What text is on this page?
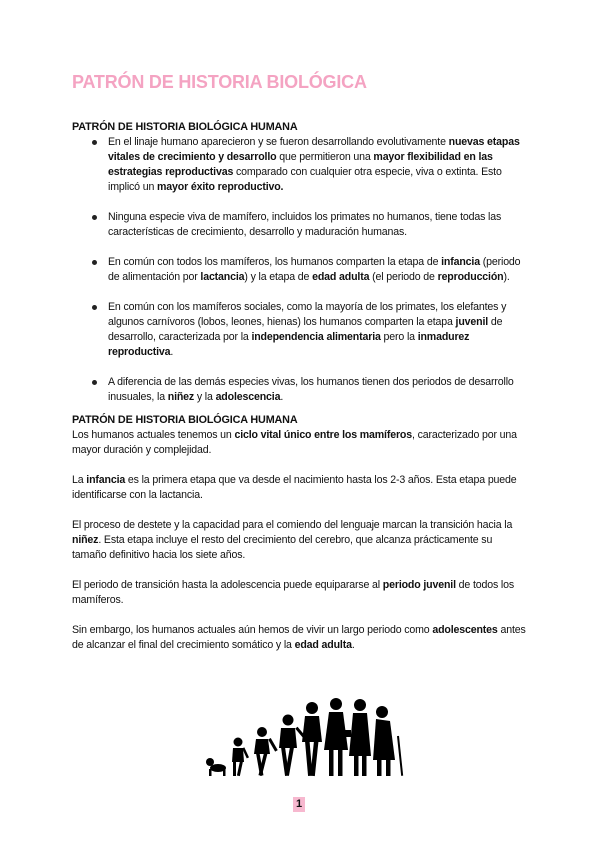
PATRÓN DE HISTORIA BIOLÓGICA

PATRÓN DE HISTORIA BIOLÓGICA HUMANA

En el linaje humano aparecieron y se fueron desarrollando evolutivamente nuevas etapas vitales de crecimiento y desarrollo que permitieron una mayor flexibilidad en las estrategias reproductivas comparado con cualquier otra especie, viva o extinta. Esto implicó un mayor éxito reproductivo.
Ninguna especie viva de mamífero, incluidos los primates no humanos, tiene todas las características de crecimiento, desarrollo y maduración humanas.
En común con todos los mamíferos, los humanos comparten la etapa de infancia (periodo de alimentación por lactancia) y la etapa de edad adulta (el periodo de reproducción).
En común con los mamíferos sociales, como la mayoría de los primates, los elefantes y algunos carnívoros (lobos, leones, hienas) los humanos comparten la etapa juvenil de desarrollo, caracterizada por la independencia alimentaria pero la inmadurez reproductiva.
A diferencia de las demás especies vivas, los humanos tienen dos periodos de desarrollo inusuales, la niñez y la adolescencia.

PATRÓN DE HISTORIA BIOLÓGICA HUMANA

Los humanos actuales tenemos un ciclo vital único entre los mamíferos, caracterizado por una mayor duración y complejidad.

La infancia es la primera etapa que va desde el nacimiento hasta los 2-3 años. Esta etapa puede identificarse con la lactancia.

El proceso de destete y la capacidad para el comiendo del lenguaje marcan la transición hacia la niñez. Esta etapa incluye el resto del crecimiento del cerebro, que alcanza prácticamente su tamaño definitivo hacia los siete años.

El periodo de transición hasta la adolescencia puede equipararse al periodo juvenil de todos los mamíferos.

Sin embargo, los humanos actuales aún hemos de vivir un largo periodo como adolescentes antes de alcanzar el final del crecimiento somático y la edad adulta.

1
